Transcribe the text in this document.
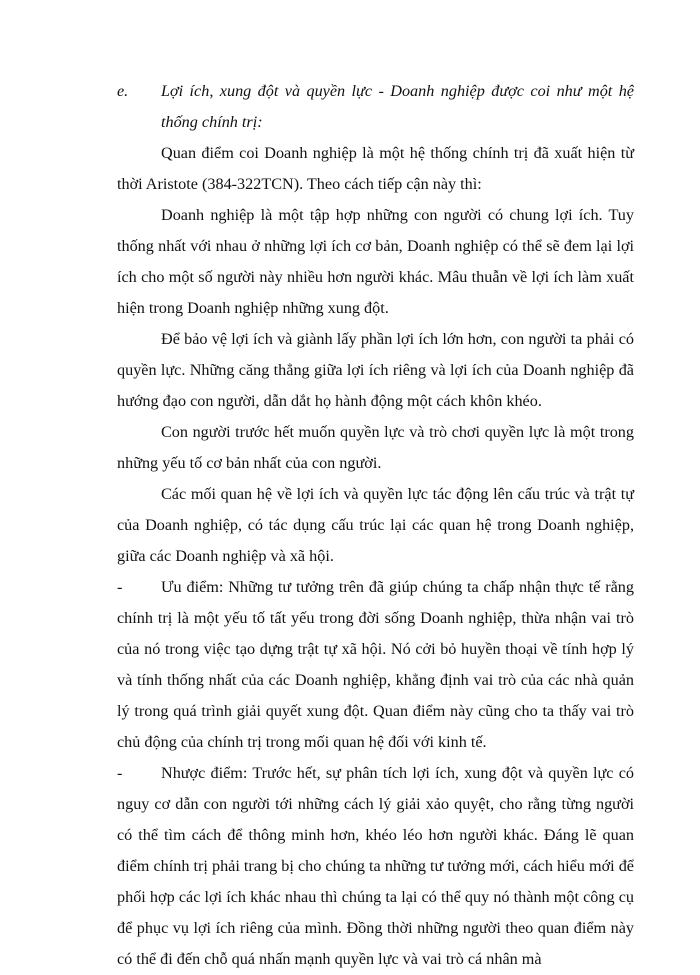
e.	Lợi ích, xung đột và quyền lực - Doanh nghiệp được coi như một hệ thống chính trị:

Quan điểm coi Doanh nghiệp là một hệ thống chính trị đã xuất hiện từ thời Aristote (384-322TCN). Theo cách tiếp cận này thì:

Doanh nghiệp là một tập hợp những con người có chung lợi ích. Tuy thống nhất với nhau ở những lợi ích cơ bản, Doanh nghiệp có thể sẽ đem lại lợi ích cho một số người này nhiều hơn người khác. Mâu thuẫn về lợi ích làm xuất hiện trong Doanh nghiệp những xung đột.

Để bảo vệ lợi ích và giành lấy phần lợi ích lớn hơn, con người ta phải có quyền lực. Những căng thẳng giữa lợi ích riêng và lợi ích của Doanh nghiệp đã hướng đạo con người, dẫn dắt họ hành động một cách khôn khéo.

Con người trước hết muốn quyền lực và trò chơi quyền lực là một trong những yếu tố cơ bản nhất của con người.

Các mối quan hệ về lợi ích và quyền lực tác động lên cấu trúc và trật tự của Doanh nghiệp, có tác dụng cấu trúc lại các quan hệ trong Doanh nghiệp, giữa các Doanh nghiệp và xã hội.

- Ưu điểm: Những tư tưởng trên đã giúp chúng ta chấp nhận thực tế rằng chính trị là một yếu tố tất yếu trong đời sống Doanh nghiệp, thừa nhận vai trò của nó trong việc tạo dựng trật tự xã hội. Nó cởi bỏ huyền thoại về tính hợp lý và tính thống nhất của các Doanh nghiệp, khẳng định vai trò của các nhà quản lý trong quá trình giải quyết xung đột. Quan điểm này cũng cho ta thấy vai trò chủ động của chính trị trong mối quan hệ đối với kinh tế.

- Nhược điểm: Trước hết, sự phân tích lợi ích, xung đột và quyền lực có nguy cơ dẫn con người tới những cách lý giải xảo quyệt, cho rằng từng người có thể tìm cách để thông minh hơn, khéo léo hơn người khác. Đáng lẽ quan điểm chính trị phải trang bị cho chúng ta những tư tưởng mới, cách hiểu mới để phối hợp các lợi ích khác nhau thì chúng ta lại có thể quy nó thành một công cụ để phục vụ lợi ích riêng của mình. Đồng thời những người theo quan điểm này có thể đi đến chỗ quá nhấn mạnh quyền lực và vai trò cá nhân mà
